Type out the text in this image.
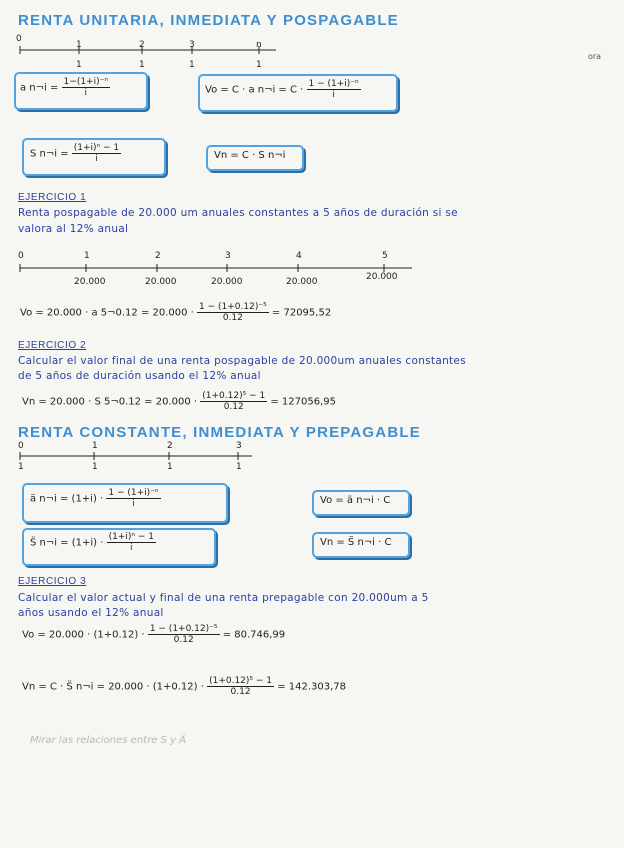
RENTA UNITARIA, INMEDIATA Y POSPAGABLE
ora
0
1	2	3	n
1	1	1	1
a n¬i = $\frac{\text{1−(1+i)⁻ⁿ}}{i}$	Vo = C · a n¬i = $C \cdot \frac{\text{1 − (1+i)⁻ⁿ}}{i}$
S n¬i = $\frac{\text{(1+i)ⁿ − 1}}{i}$	Vn = C · S n¬i
EJERCICIO 1
Renta pospagable de 20.000 um anuales constantes a 5 años de duración si se
valora al 12% anual
0	1	2	3	4	5
20.000	20.000	20.000	20.000	20.000
Vo = 20.000 · a 5¬0.12 = $20.000 \cdot \frac{\text{1 − (1+0.12)⁻⁵}}{0.12} = 72095,52$
EJERCICIO 2
Calcular el valor final de una renta pospagable de 20.000um anuales constantes
de 5 años de duración usando el 12% anual
Vn = 20.000 · S 5¬0.12 = $20.000 \cdot \frac{\text{(1+0.12)⁵ − 1}}{0.12} = 127056,95$
RENTA CONSTANTE, INMEDIATA Y PREPAGABLE
0	1	2	3
1	1	1	1
ä n¬i = $(1+i) \cdot \frac{\text{1 − (1+i)⁻ⁿ}}{i}$	Vo = ä n¬i · C
S̈ n¬i = $(1+i) \cdot \frac{\text{(1+i)ⁿ − 1}}{i}$	Vn = S̈ n¬i · C
EJERCICIO 3
Calcular el valor actual y final de una renta prepagable con 20.000um a 5
años usando el 12% anual
$Vo = 20.000 \cdot (1+0.12) \cdot \frac{\text{1 − (1+0.12)⁻⁵}}{0.12} = 80.746,99$
Vn = C · S̈ n¬i = $20.000 \cdot (1+0.12) \cdot \frac{\text{(1+0.12)⁵ − 1}}{0.12} = 142.303,78$
Mirar las relaciones entre S y Ä
